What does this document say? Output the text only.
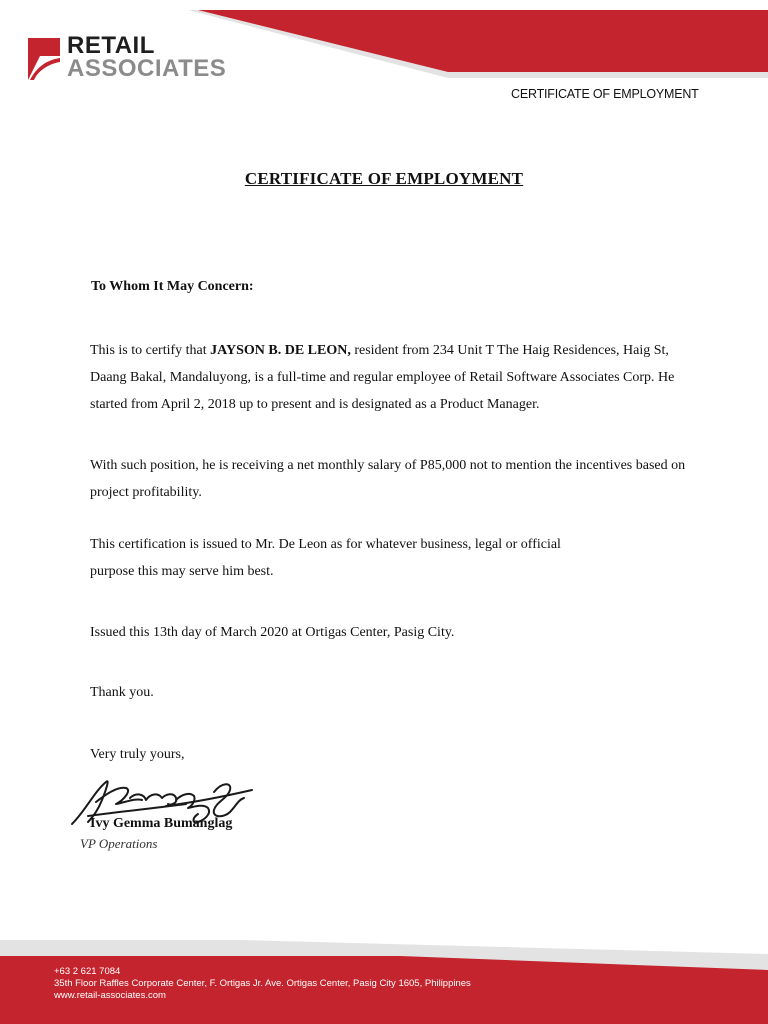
RETAIL
ASSOCIATES
CERTIFICATE OF EMPLOYMENT
CERTIFICATE OF EMPLOYMENT
To Whom It May Concern:

This is to certify that JAYSON B. DE LEON, resident from 234 Unit T The Haig Residences, Haig St, Daang Bakal, Mandaluyong, is a full-time and regular employee of Retail Software Associates Corp. He started from April 2, 2018 up to present and is designated as a Product Manager.

With such position, he is receiving a net monthly salary of P85,000 not to mention the incentives based on project profitability.

This certification is issued to Mr. De Leon as for whatever business, legal or official
purpose this may serve him best.

Issued this 13th day of March 2020 at Ortigas Center, Pasig City.

Thank you.

Very truly yours,

Ivy Gemma Bumanglag
VP Operations
+63 2 621 7084
35th Floor Raffles Corporate Center, F. Ortigas Jr. Ave. Ortigas Center, Pasig City 1605, Philippines
www.retail-associates.com
